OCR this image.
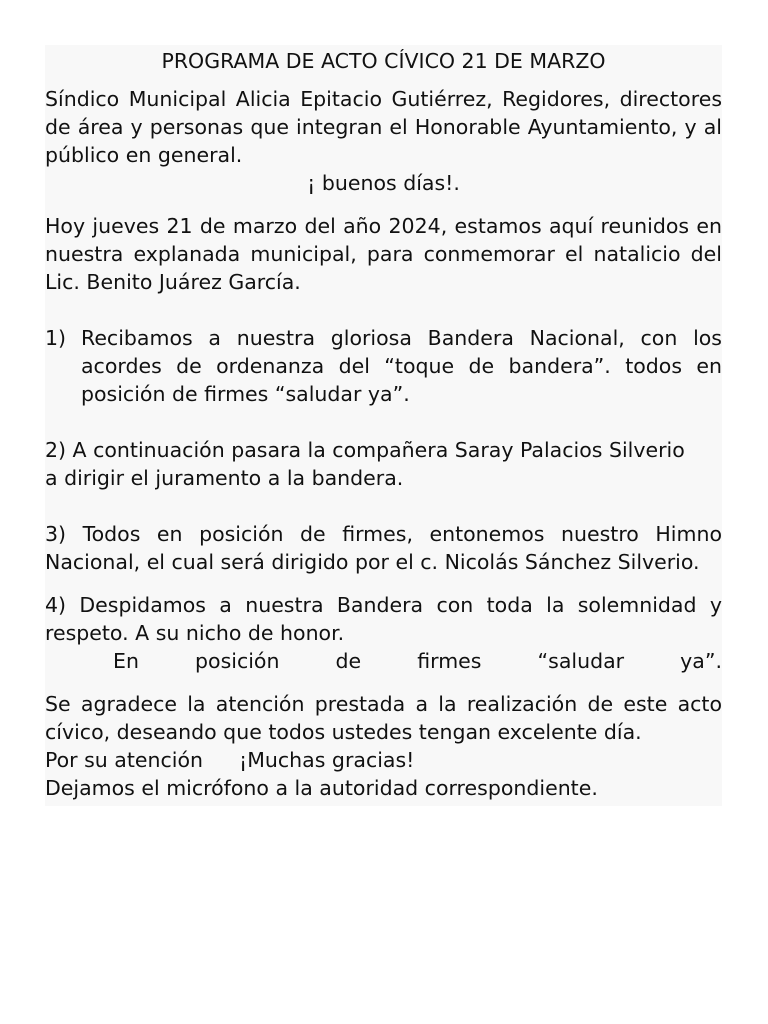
PROGRAMA DE ACTO CÍVICO 21 DE MARZO

Síndico Municipal Alicia Epitacio Gutiérrez, Regidores, directores de área y personas que integran el Honorable Ayuntamiento, y al público en general.

¡ buenos días!.

Hoy jueves 21 de marzo del año 2024, estamos aquí reunidos en nuestra explanada municipal, para conmemorar el natalicio del Lic. Benito Juárez García.

1) Recibamos a nuestra gloriosa Bandera Nacional, con los acordes de ordenanza del “toque de bandera”. todos en posición de firmes “saludar ya”.

2) A continuación pasara la compañera Saray Palacios Silverio

a dirigir el juramento a la bandera.

3) Todos en posición de firmes, entonemos nuestro Himno Nacional, el cual será dirigido por el c. Nicolás Sánchez Silverio.

4) Despidamos a nuestra Bandera con toda la solemnidad y respeto. A su nicho de honor.

En posición de firmes “saludar ya”.

Se agradece la atención prestada a la realización de este acto cívico, deseando que todos ustedes tengan excelente día.

Por su atención ¡Muchas gracias!

Dejamos el micrófono a la autoridad correspondiente.
